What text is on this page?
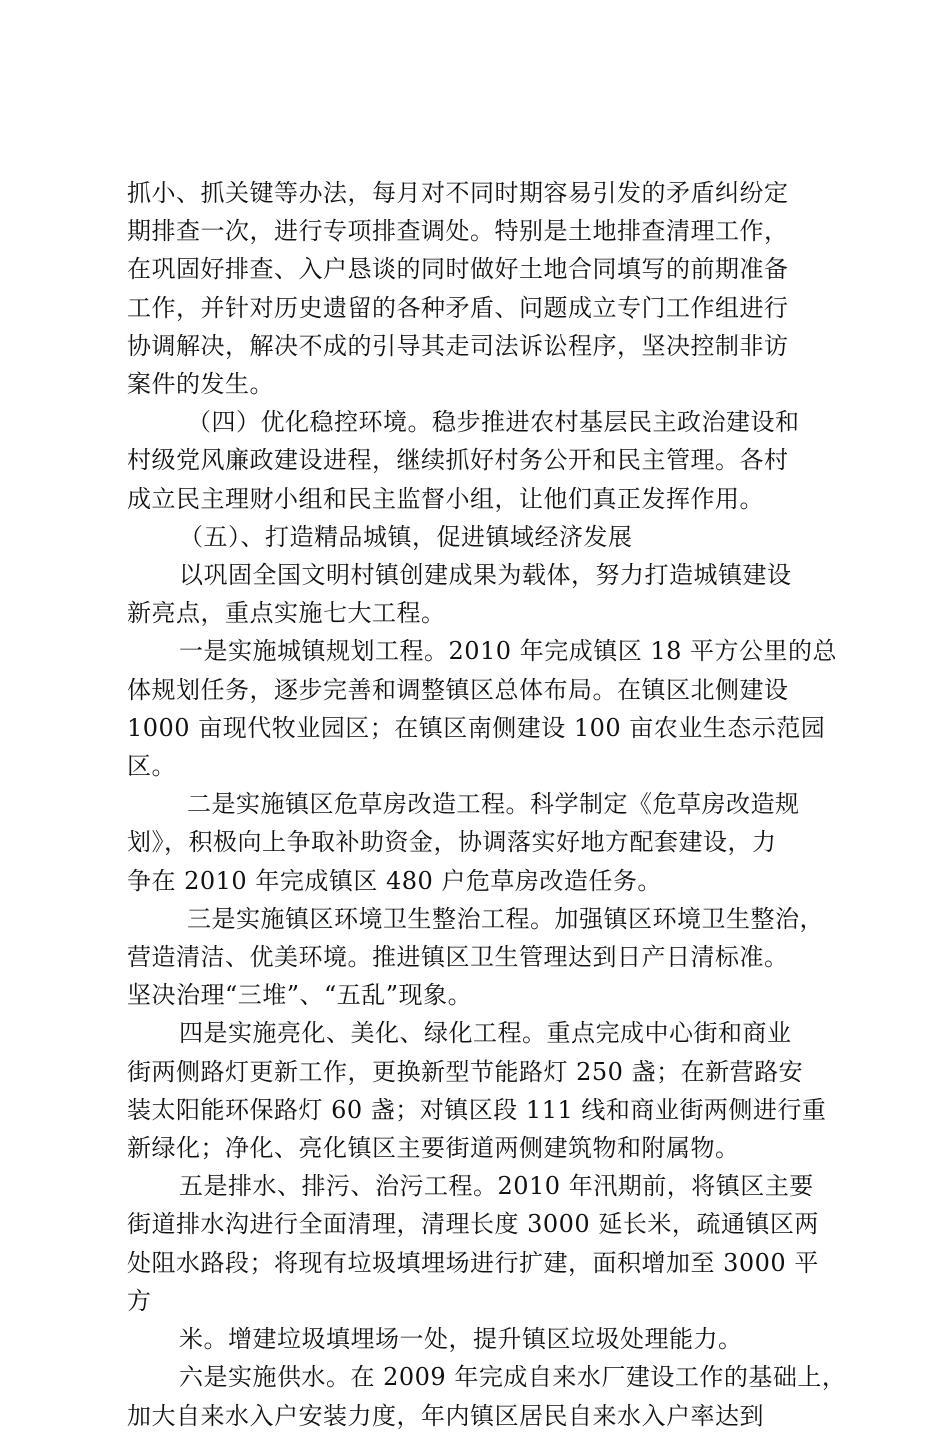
抓小、抓关键等办法，每月对不同时期容易引发的矛盾纠纷定
期排查一次，进行专项排查调处。特别是土地排查清理工作，
在巩固好排查、入户恳谈的同时做好土地合同填写的前期准备
工作，并针对历史遗留的各种矛盾、问题成立专门工作组进行
协调解决，解决不成的引导其走司法诉讼程序，坚决控制非访
案件的发生。

（四）优化稳控环境。稳步推进农村基层民主政治建设和
村级党风廉政建设进程，继续抓好村务公开和民主管理。各村
成立民主理财小组和民主监督小组，让他们真正发挥作用。

（五）、打造精品城镇，促进镇域经济发展

以巩固全国文明村镇创建成果为载体，努力打造城镇建设
新亮点，重点实施七大工程。

一是实施城镇规划工程。2010 年完成镇区 18 平方公里的总
体规划任务，逐步完善和调整镇区总体布局。在镇区北侧建设
1000 亩现代牧业园区；在镇区南侧建设 100 亩农业生态示范园
区。

二是实施镇区危草房改造工程。科学制定《危草房改造规
划》，积极向上争取补助资金，协调落实好地方配套建设，力
争在 2010 年完成镇区 480 户危草房改造任务。

三是实施镇区环境卫生整治工程。加强镇区环境卫生整治，
营造清洁、优美环境。推进镇区卫生管理达到日产日清标准。
坚决治理“三堆”、“五乱”现象。

四是实施亮化、美化、绿化工程。重点完成中心街和商业
街两侧路灯更新工作，更换新型节能路灯 250 盏；在新营路安
装太阳能环保路灯 60 盏；对镇区段 111 线和商业街两侧进行重
新绿化；净化、亮化镇区主要街道两侧建筑物和附属物。

五是排水、排污、治污工程。2010 年汛期前，将镇区主要
街道排水沟进行全面清理，清理长度 3000 延长米，疏通镇区两
处阻水路段；将现有垃圾填埋场进行扩建，面积增加至 3000 平
方

米。增建垃圾填埋场一处，提升镇区垃圾处理能力。

六是实施供水。在 2009 年完成自来水厂建设工作的基础上，
加大自来水入户安装力度，年内镇区居民自来水入户率达到
